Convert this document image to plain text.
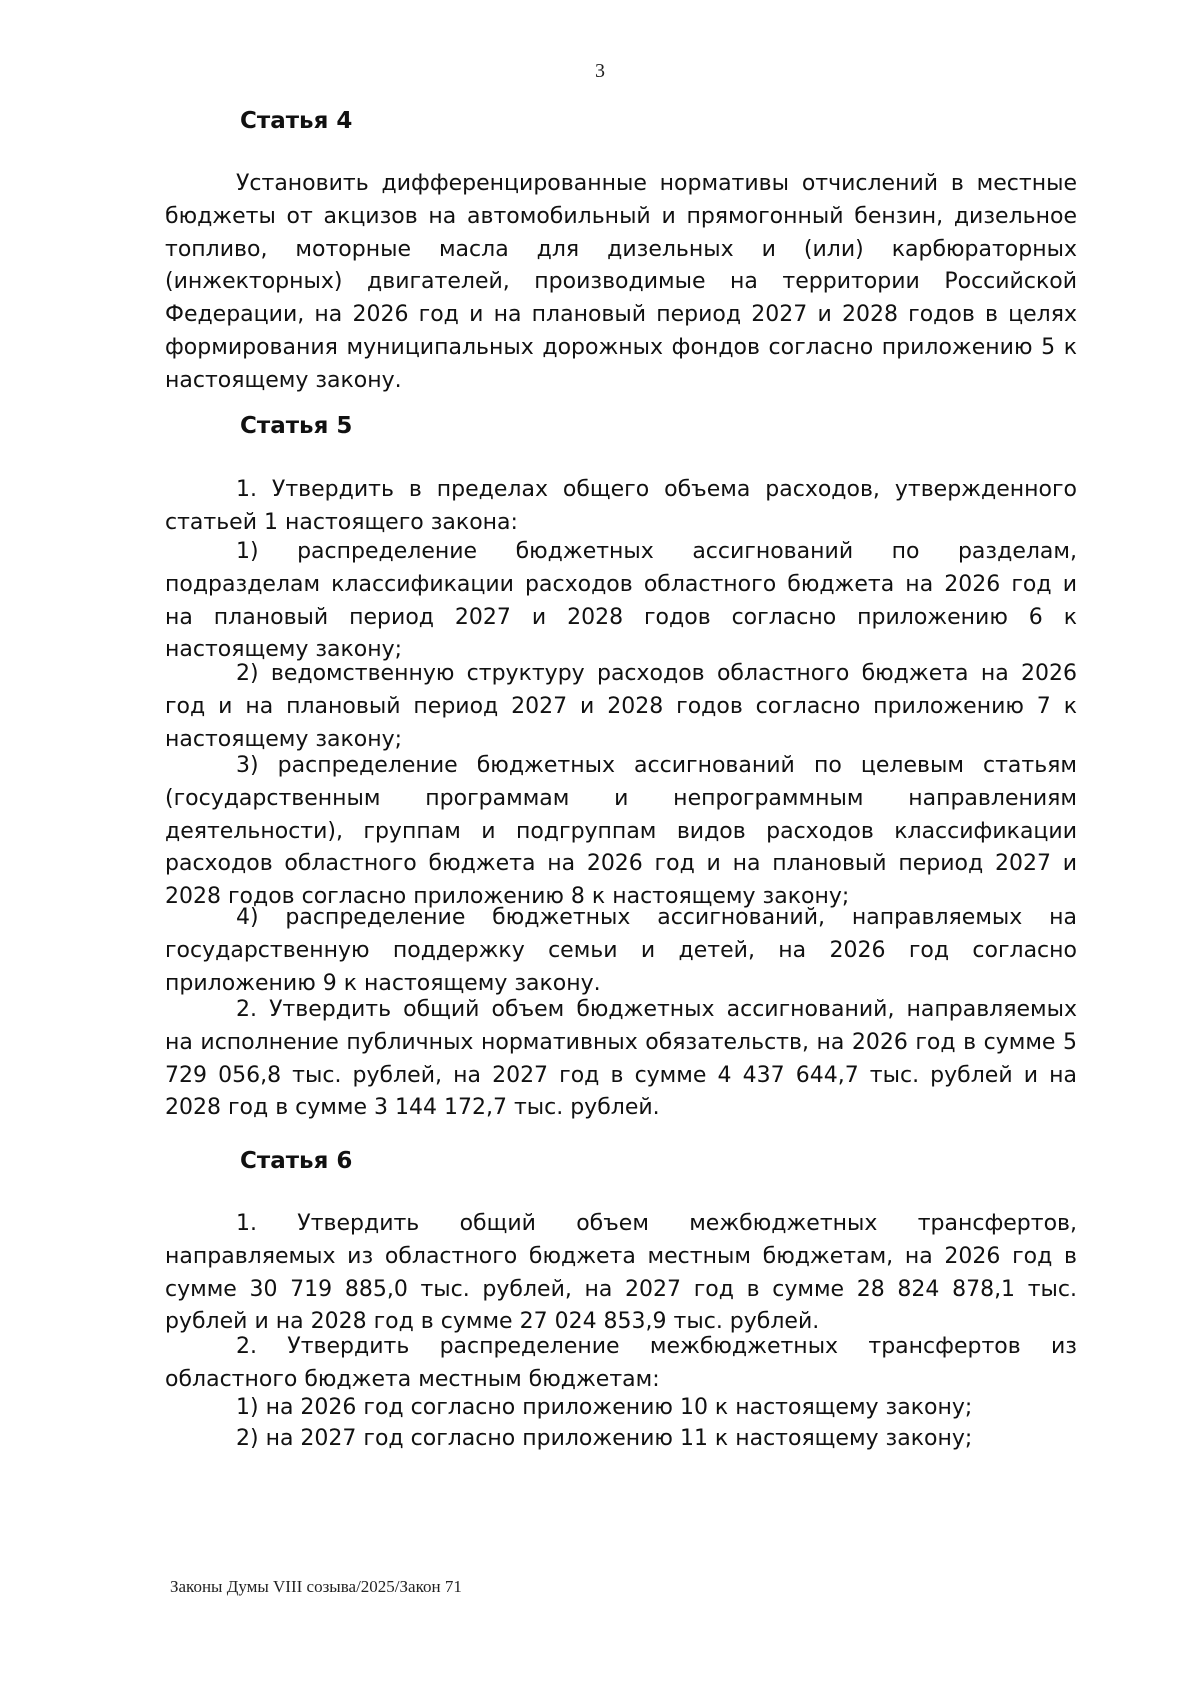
3
Статья 4

Установить дифференцированные нормативы отчислений в местные бюджеты от акцизов на автомобильный и прямогонный бензин, дизельное топливо, моторные масла для дизельных и (или) карбюраторных (инжекторных) двигателей, производимые на территории Российской Федерации, на 2026 год и на плановый период 2027 и 2028 годов в целях формирования муниципальных дорожных фондов согласно приложению 5 к настоящему закону.

Статья 5

1. Утвердить в пределах общего объема расходов, утвержденного статьей 1 настоящего закона:

1) распределение бюджетных ассигнований по разделам, подразделам классификации расходов областного бюджета на 2026 год и на плановый период 2027 и 2028 годов согласно приложению 6 к настоящему закону;

2) ведомственную структуру расходов областного бюджета на 2026 год и на плановый период 2027 и 2028 годов согласно приложению 7 к настоящему закону;

3) распределение бюджетных ассигнований по целевым статьям (государственным программам и непрограммным направлениям деятельности), группам и подгруппам видов расходов классификации расходов областного бюджета на 2026 год и на плановый период 2027 и 2028 годов согласно приложению 8 к настоящему закону;

4) распределение бюджетных ассигнований, направляемых на государственную поддержку семьи и детей, на 2026 год согласно приложению 9 к настоящему закону.

2. Утвердить общий объем бюджетных ассигнований, направляемых на исполнение публичных нормативных обязательств, на 2026 год в сумме 5 729 056,8 тыс. рублей, на 2027 год в сумме 4 437 644,7 тыс. рублей и на 2028 год в сумме 3 144 172,7 тыс. рублей.

Статья 6

1. Утвердить общий объем межбюджетных трансфертов, направляемых из областного бюджета местным бюджетам, на 2026 год в сумме 30 719 885,0 тыс. рублей, на 2027 год в сумме 28 824 878,1 тыс. рублей и на 2028 год в сумме 27 024 853,9 тыс. рублей.

2. Утвердить распределение межбюджетных трансфертов из областного бюджета местным бюджетам:

1) на 2026 год согласно приложению 10 к настоящему закону;

2) на 2027 год согласно приложению 11 к настоящему закону;

Законы Думы VIII созыва/2025/Закон 71
